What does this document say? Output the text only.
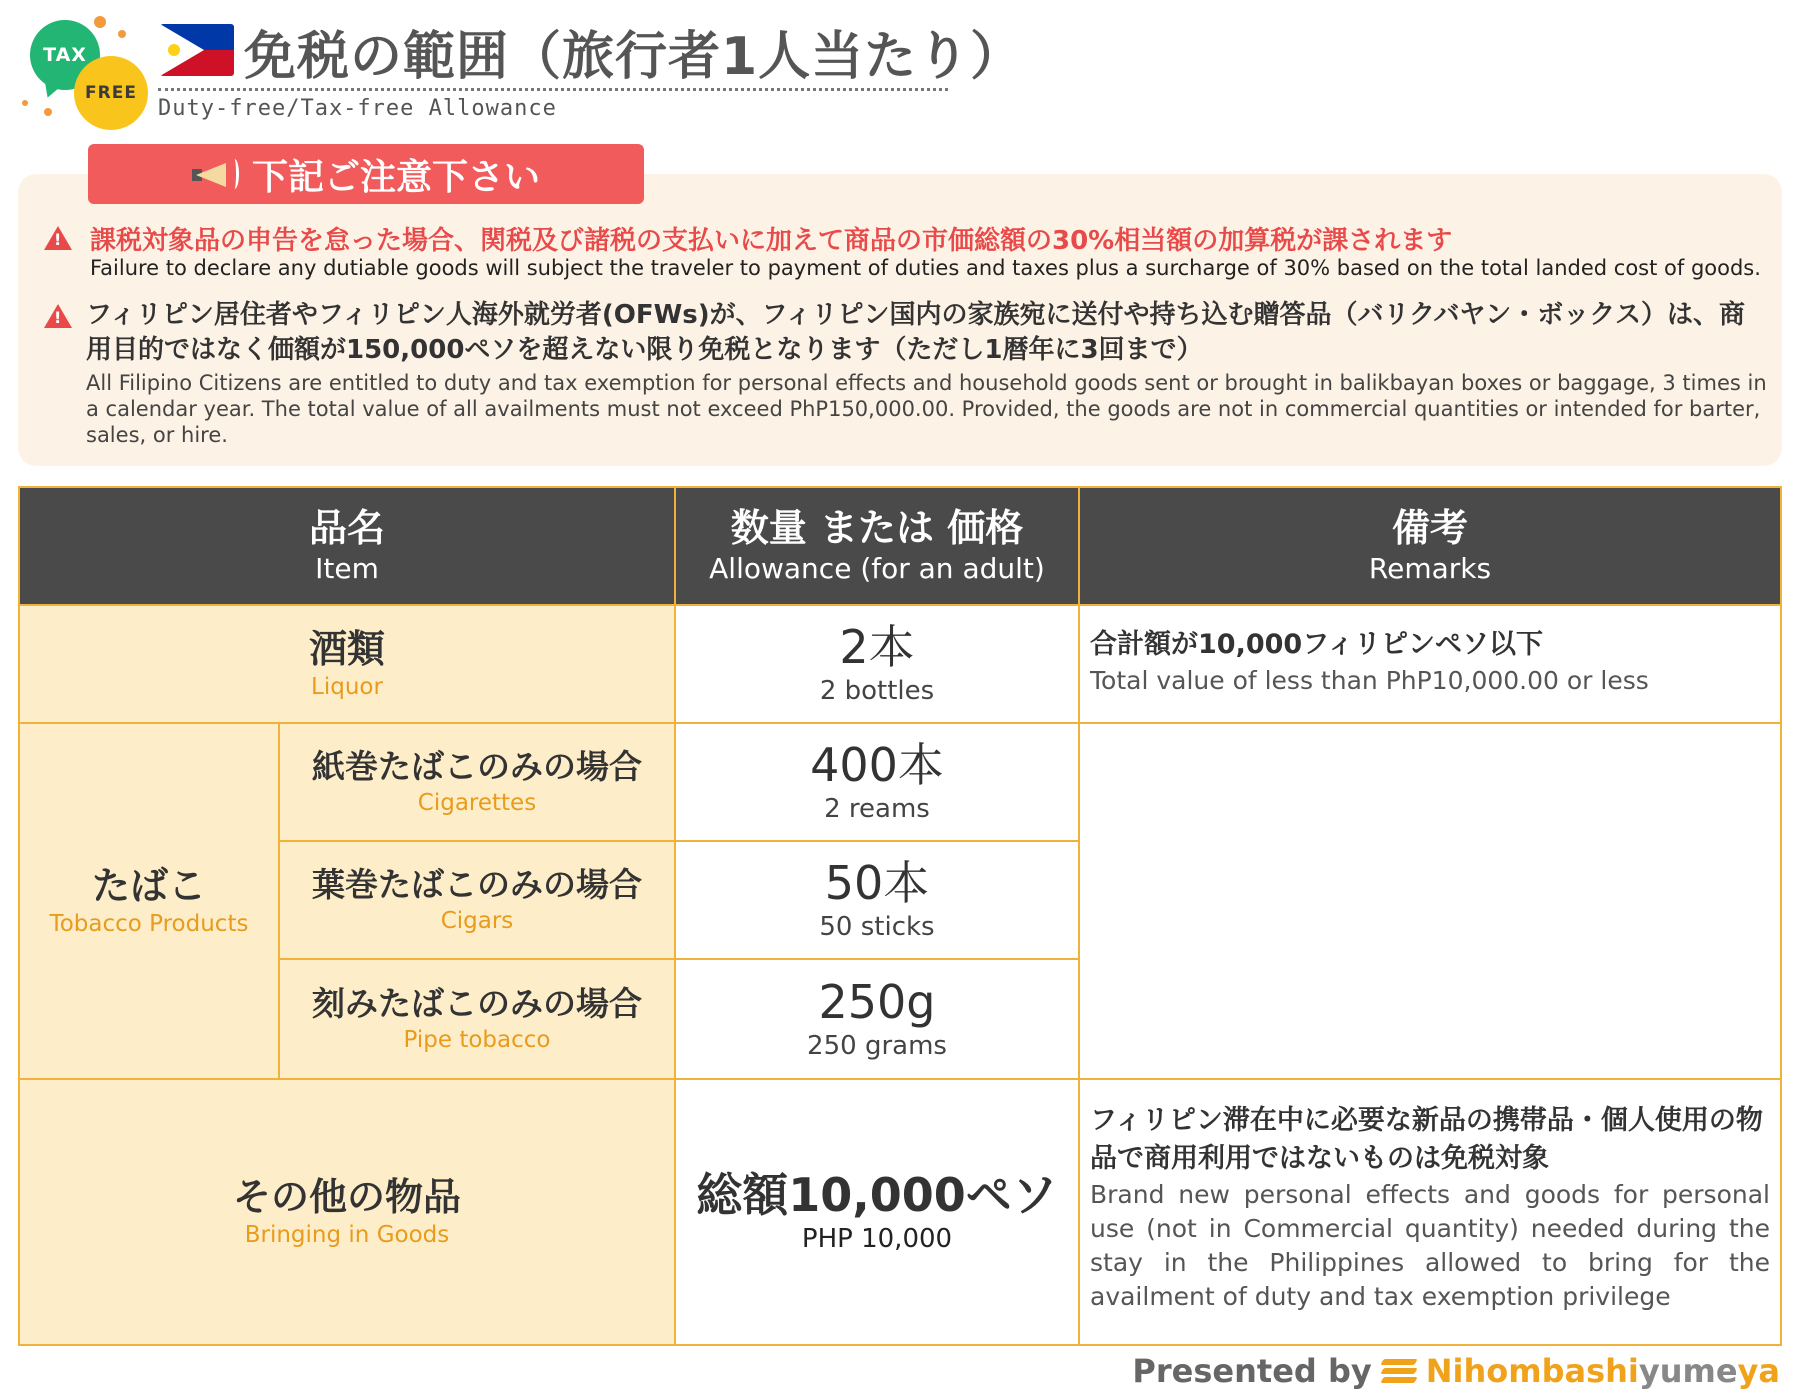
TAX
FREE
免税の範囲（旅行者1人当たり）
Duty-free/Tax-free Allowance
下記ご注意下さい
!
課税対象品の申告を怠った場合、関税及び諸税の支払いに加えて商品の市価総額の30%相当額の加算税が課されます
Failure to declare any dutiable goods will subject the traveler to payment of duties and taxes plus a surcharge of 30% based on the total landed cost of goods.
!
フィリピン居住者やフィリピン人海外就労者(OFWs)が、フィリピン国内の家族宛に送付や持ち込む贈答品（バリクバヤン・ボックス）は、商用目的ではなく価額が150,000ペソを超えない限り免税となります（ただし1暦年に3回まで）
All Filipino Citizens are entitled to duty and tax exemption for personal effects and household goods sent or brought in balikbayan boxes or baggage, 3 times in a calendar year. The total value of all availments must not exceed PhP150,000.00. Provided, the goods are not in commercial quantities or intended for barter, sales, or hire.
品名
Item
数量 または 価格
Allowance (for an adult)
備考
Remarks
酒類
Liquor
2本
2 bottles
合計額が10,000フィリピンペソ以下
Total value of less than PhP10,000.00 or less
たばこ
Tobacco Products
紙巻たばこのみの場合
Cigarettes
400本
2 reams
葉巻たばこのみの場合
Cigars
50本
50 sticks
刻みたばこのみの場合
Pipe tobacco
250g
250 grams
その他の物品
Bringing in Goods
総額10,000ペソ
PHP 10,000
フィリピン滞在中に必要な新品の携帯品・個人使用の物品で商用利用ではないものは免税対象
Brand new personal effects and goods for personal use (not in Commercial quantity) needed during the stay in the Philippines allowed to bring for the availment of duty and tax exemption privilege
Presented by Nihombashiyumeya
